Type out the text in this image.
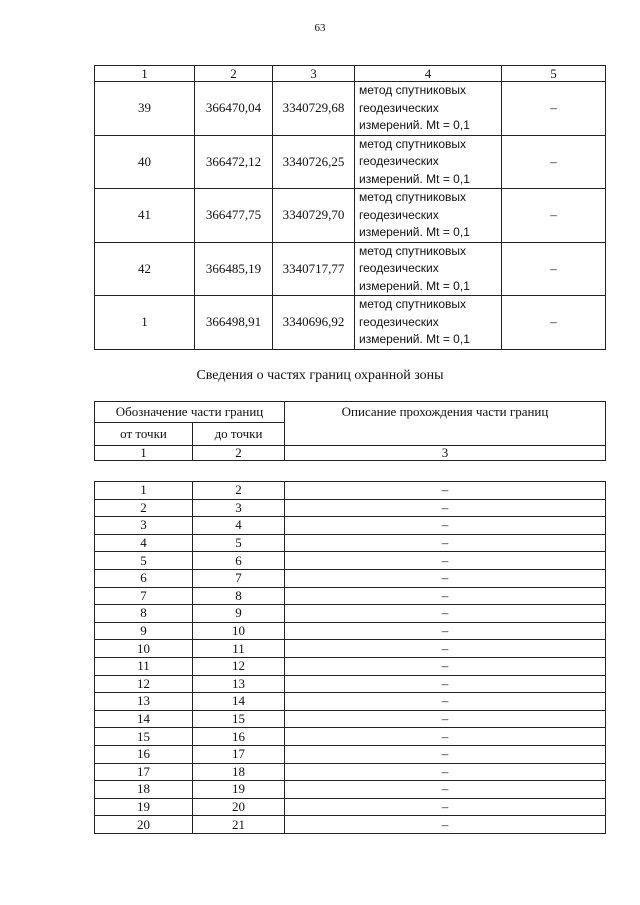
63
1	2	3	4	5
39	366470,04	3340729,68	метод спутниковых
геодезических
измерений. Mt = 0,1	–
40	366472,12	3340726,25	метод спутниковых
геодезических
измерений. Mt = 0,1	–
41	366477,75	3340729,70	метод спутниковых
геодезических
измерений. Mt = 0,1	–
42	366485,19	3340717,77	метод спутниковых
геодезических
измерений. Mt = 0,1	–
1	366498,91	3340696,92	метод спутниковых
геодезических
измерений. Mt = 0,1	–
Сведения о частях границ охранной зоны
Обозначение части границ		Описание прохождения части границ
от точки	до точки	
1	2	3

1	2	–
2	3	–
3	4	–
4	5	–
5	6	–
6	7	–
7	8	–
8	9	–
9	10	–
10	11	–
11	12	–
12	13	–
13	14	–
14	15	–
15	16	–
16	17	–
17	18	–
18	19	–
19	20	–
20	21	–
